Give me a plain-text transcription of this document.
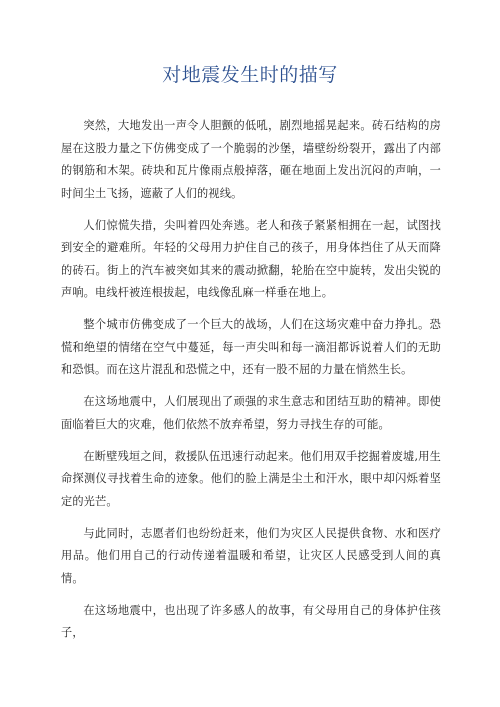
对地震发生时的描写

突然，大地发出一声令人胆颤的低吼，剧烈地摇晃起来。砖石结构的房屋在这股力量之下仿佛变成了一个脆弱的沙堡，墙壁纷纷裂开，露出了内部的钢筋和木架。砖块和瓦片像雨点般掉落，砸在地面上发出沉闷的声响，一时间尘土飞扬，遮蔽了人们的视线。

人们惊慌失措，尖叫着四处奔逃。老人和孩子紧紧相拥在一起，试图找到安全的避难所。年轻的父母用力护住自己的孩子，用身体挡住了从天而降的砖石。街上的汽车被突如其来的震动掀翻，轮胎在空中旋转，发出尖锐的声响。电线杆被连根拔起，电线像乱麻一样垂在地上。

整个城市仿佛变成了一个巨大的战场，人们在这场灾难中奋力挣扎。恐慌和绝望的情绪在空气中蔓延，每一声尖叫和每一滴泪都诉说着人们的无助和恐惧。而在这片混乱和恐慌之中，还有一股不屈的力量在悄然生长。

在这场地震中，人们展现出了顽强的求生意志和团结互助的精神。即使面临着巨大的灾难，他们依然不放弃希望，努力寻找生存的可能。

在断壁残垣之间，救援队伍迅速行动起来。他们用双手挖掘着废墟,用生命探测仪寻找着生命的迹象。他们的脸上满是尘土和汗水，眼中却闪烁着坚定的光芒。

与此同时，志愿者们也纷纷赶来，他们为灾区人民提供食物、水和医疗用品。他们用自己的行动传递着温暖和希望，让灾区人民感受到人间的真情。

在这场地震中，也出现了许多感人的故事，有父母用自己的身体护住孩子，
